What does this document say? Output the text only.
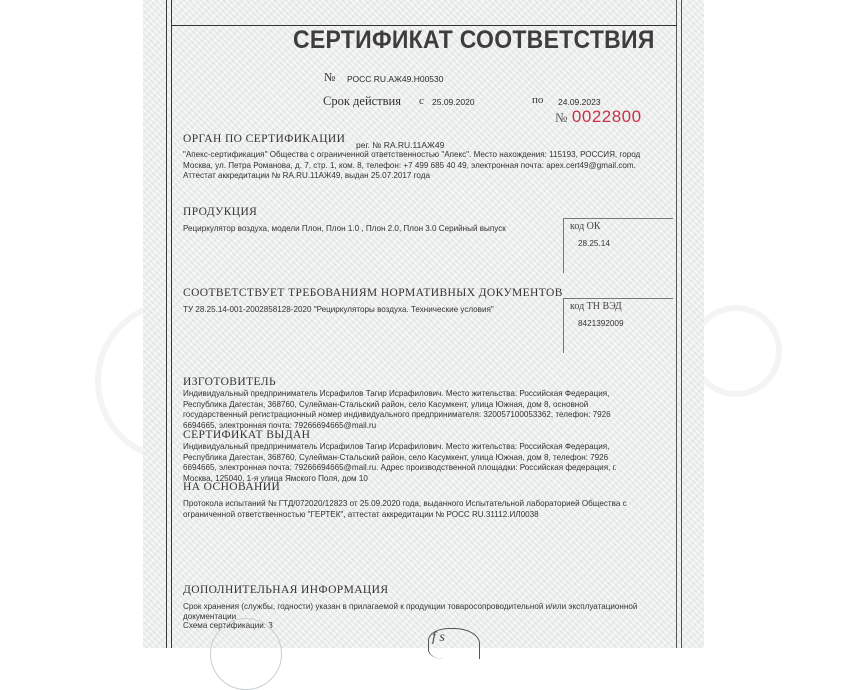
СЕРТИФИКАТ СООТВЕТСТВИЯ
№ РОСС RU.АЖ49.Н00530
Срок действия с 25.09.2020	по 24.09.2023
№ 0022800
ОРГАН ПО СЕРТИФИКАЦИИ рег. № RA.RU.11АЖ49
"Апекс-сертификация" Общества с ограниченной ответственностью "Апекс". Место нахождения: 115193, РОССИЯ, город
Москва, ул. Петра Романова, д. 7, стр. 1, ком. 8, телефон: +7 499 685 40 49, электронная почта: apex.cert49@gmail.com.
Аттестат аккредитации № RA.RU.11АЖ49, выдан 25.07.2017 года
ПРОДУКЦИЯ
Рециркулятор воздуха, модели Плон, Плон 1.0 , Плон 2.0, Плон 3.0 Серийный выпуск	код ОК
28.25.14
СООТВЕТСТВУЕТ ТРЕБОВАНИЯМ НОРМАТИВНЫХ ДОКУМЕНТОВ
ТУ 28.25.14-001-2002858128-2020 "Рециркуляторы воздуха. Технические условия"	код ТН ВЭД
8421392009
ИЗГОТОВИТЕЛЬ
Индивидуальный предприниматель Исрафилов Тагир Исрафилович. Место жительства: Российская Федерация,
Республика Дагестан, 368760, Сулейман-Стальский район, село Касумкент, улица Южная, дом 8, основной
государственный регистрационный номер индивидуального предпринимателя: 320057100053362, телефон: 7926
6694665, электронная почта: 79266694665@mail.ru
СЕРТИФИКАТ ВЫДАН
Индивидуальный предприниматель Исрафилов Тагир Исрафилович. Место жительства: Российская Федерация,
Республика Дагестан, 368760, Сулейман-Стальский район, село Касумкент, улица Южная, дом 8, телефон: 7926
6694665, электронная почта: 79266694665@mail.ru. Адрес производственной площадки: Российская федерация, г.
Москва, 125040, 1-я улица Ямского Поля, дом 10
НА ОСНОВАНИИ
Протокола испытаний № ГТД/072020/12823 от 25.09.2020 года, выданного Испытательной лабораторией Общества с
ограниченной ответственностью "ГЕРТЕК", аттестат аккредитации № РОСС RU.31112.ИЛ0038
ДОПОЛНИТЕЛЬНАЯ ИНФОРМАЦИЯ
Срок хранения (службы, годности) указан в прилагаемой к продукции товаросопроводительной и/или эксплуатационной
документации
Схема сертификации: 3
f s
